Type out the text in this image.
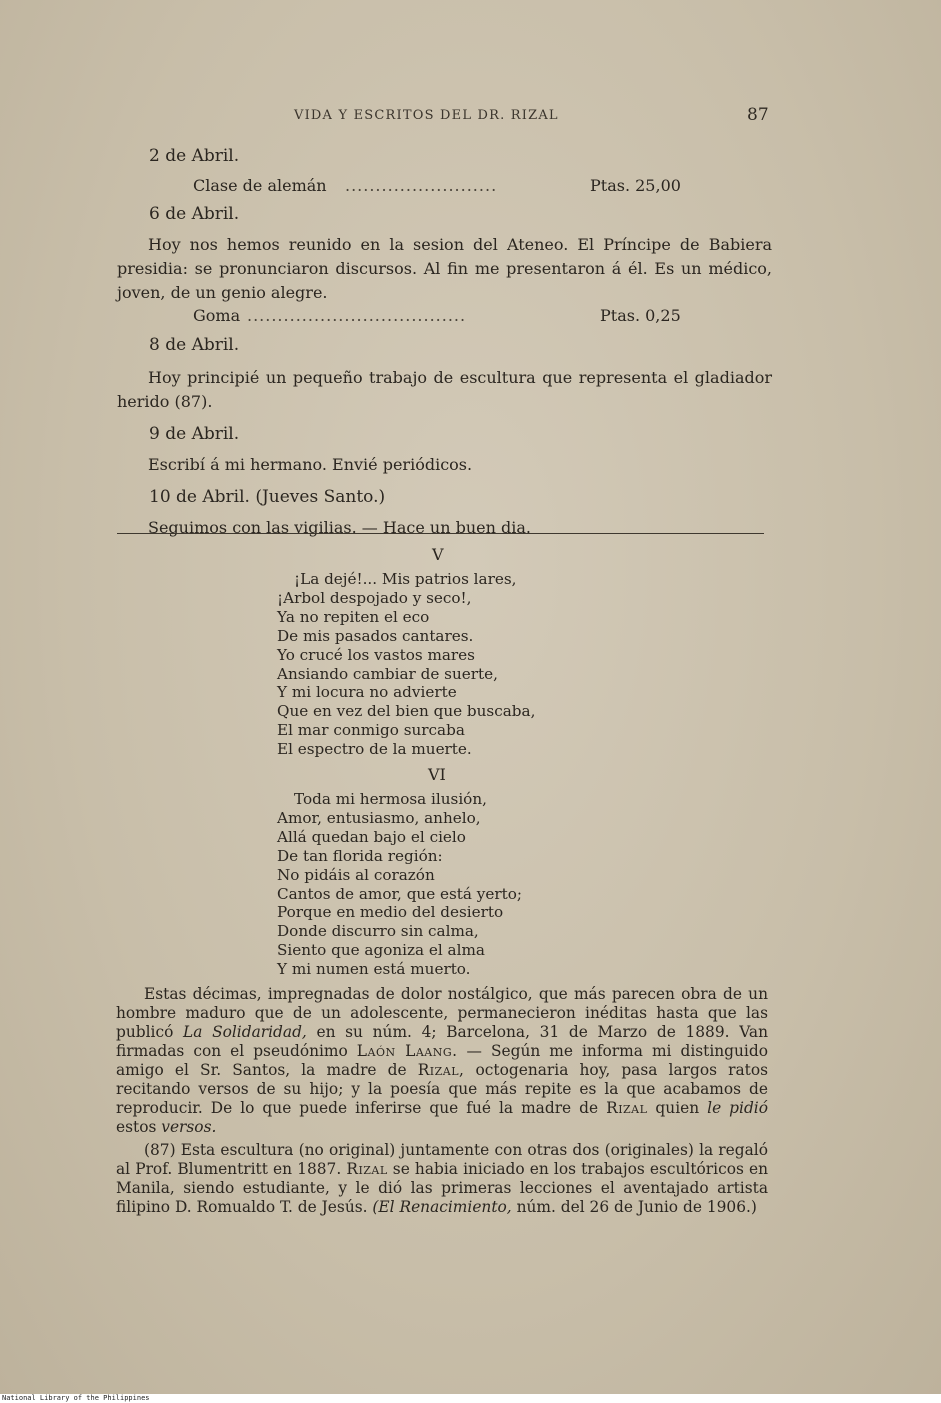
VIDA Y ESCRITOS DEL DR. RIZAL	87
2 de Abril.
Clase de alemán .........................	Ptas. 25,00
6 de Abril.

Hoy nos hemos reunido en la sesion del Ateneo. El Príncipe de Babiera presidia: se pronunciaron discursos. Al fin me presentaron á él. Es un médico, joven, de un genio alegre.

Goma ....................................	Ptas. 0,25
8 de Abril.

Hoy principié un pequeño trabajo de escultura que representa el gladiador herido (87).

9 de Abril.

Escribí á mi hermano. Envié periódicos.

10 de Abril. (Jueves Santo.)

Seguimos con las vigilias. — Hace un buen dia.

V
¡La dejé!... Mis patrios lares,
¡Arbol despojado y seco!,
Ya no repiten el eco
De mis pasados cantares.
Yo crucé los vastos mares
Ansiando cambiar de suerte,
Y mi locura no advierte
Que en vez del bien que buscaba,
El mar conmigo surcaba
El espectro de la muerte.
VI
Toda mi hermosa ilusión,
Amor, entusiasmo, anhelo,
Allá quedan bajo el cielo
De tan florida región:
No pidáis al corazón
Cantos de amor, que está yerto;
Porque en medio del desierto
Donde discurro sin calma,
Siento que agoniza el alma
Y mi numen está muerto.

Estas décimas, impregnadas de dolor nostálgico, que más parecen obra de un hombre maduro que de un adolescente, permanecieron inéditas hasta que las publicó La Solidaridad, en su núm. 4; Barcelona, 31 de Marzo de 1889. Van firmadas con el pseudónimo Laón Laang. — Según me informa mi distinguido amigo el Sr. Santos, la madre de Rizal, octogenaria hoy, pasa largos ratos recitando versos de su hijo; y la poesía que más repite es la que acabamos de reproducir. De lo que puede inferirse que fué la madre de Rizal quien le pidió estos versos.

(87) Esta escultura (no original) juntamente con otras dos (originales) la regaló al Prof. Blumentritt en 1887. Rizal se habia iniciado en los trabajos escultóricos en Manila, siendo estudiante, y le dió las primeras lecciones el aventajado artista filipino D. Romualdo T. de Jesús. (El Renacimiento, núm. del 26 de Junio de 1906.)

National Library of the Philippines
